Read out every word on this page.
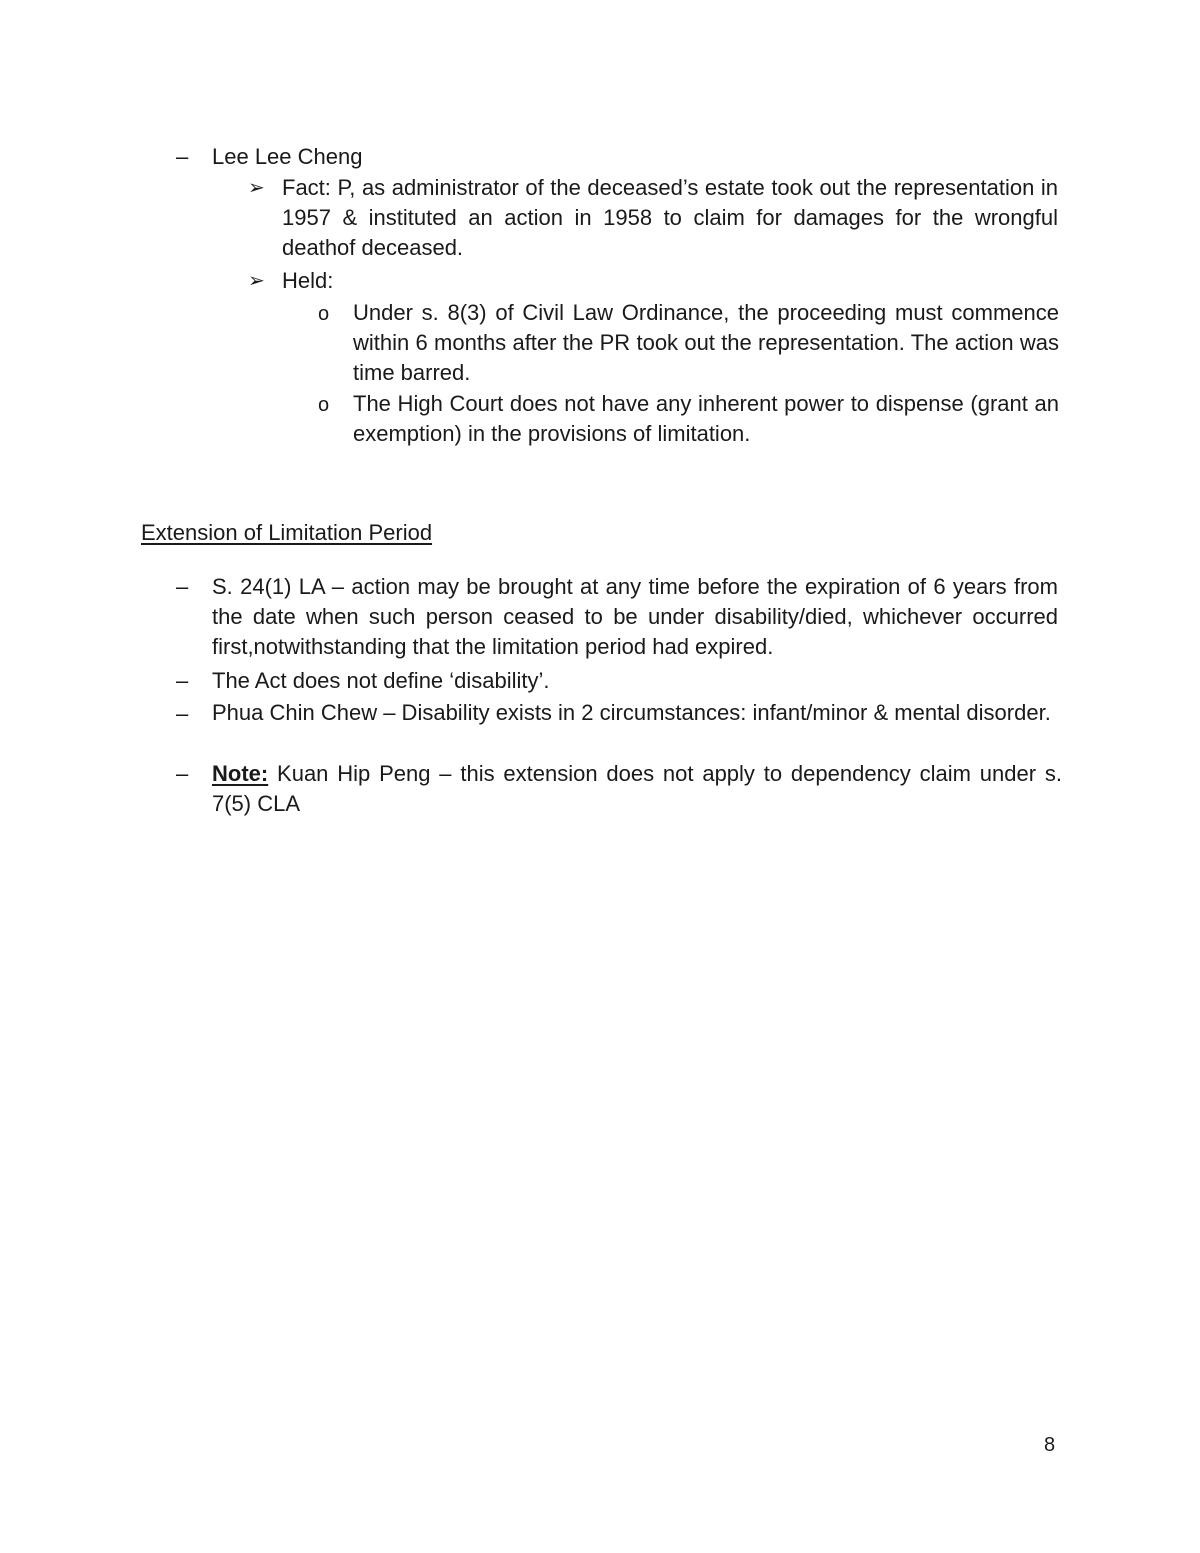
– Lee Lee Cheng
➢ Fact: P, as administrator of the deceased’s estate took out the representation in 1957 & instituted an action in 1958 to claim for damages for the wrongful deathof deceased.
➢ Held:
o Under s. 8(3) of Civil Law Ordinance, the proceeding must commence within 6 months after the PR took out the representation. The action was time barred.
o The High Court does not have any inherent power to dispense (grant an exemption) in the provisions of limitation.
Extension of Limitation Period
– S. 24(1) LA – action may be brought at any time before the expiration of 6 years from the date when such person ceased to be under disability/died, whichever occurred first,notwithstanding that the limitation period had expired.
– The Act does not define ‘disability’.
– Phua Chin Chew – Disability exists in 2 circumstances: infant/minor & mental disorder.
– Note: Kuan Hip Peng – this extension does not apply to dependency claim under s. 7(5) CLA
8
